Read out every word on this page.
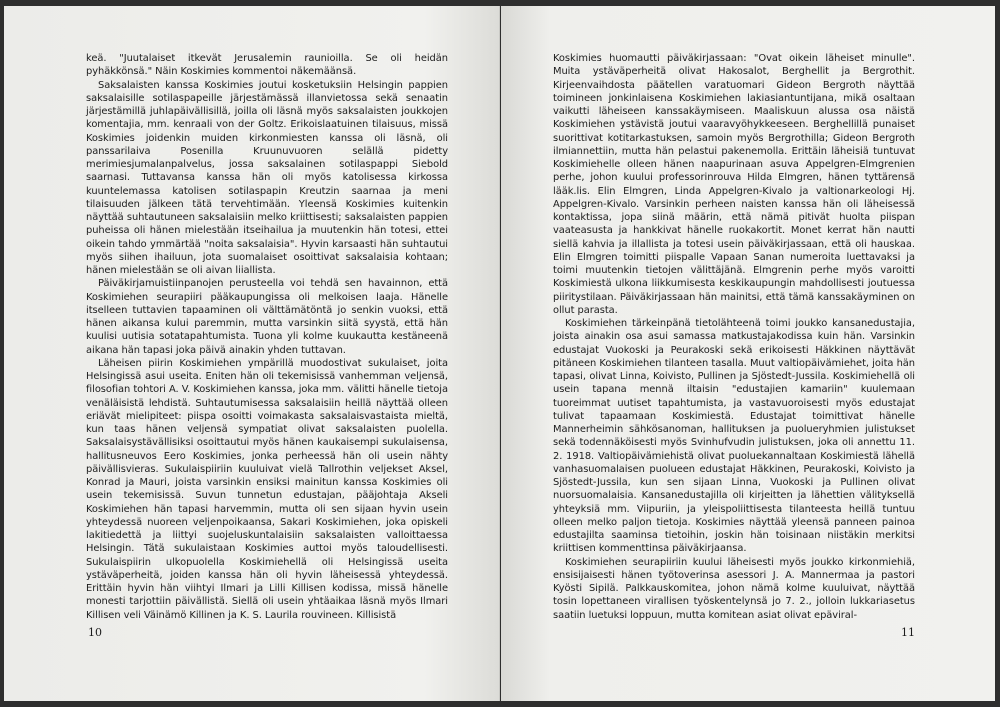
keä. "Juutalaiset itkevät Jerusalemin raunioilla. Se oli heidän pyhäkkönsä." Näin Koskimies kommentoi näkemäänsä.

Saksalaisten kanssa Koskimies joutui kosketuksiin Helsingin pappien saksalaisille sotilaspapeille järjestämässä illanvietossa sekä senaatin järjestämillä juhlapäivällisillä, joilla oli läsnä myös saksalaisten joukkojen komentajia, mm. kenraali von der Goltz. Erikoislaatuinen tilaisuus, missä Koskimies joidenkin muiden kirkonmiesten kanssa oli läsnä, oli panssarilaiva Posenilla Kruunuvuoren selällä pidetty merimiesjumalanpalvelus, jossa saksalainen sotilaspappi Siebold saarnasi. Tuttavansa kanssa hän oli myös katolisessa kirkossa kuuntelemassa katolisen sotilaspapin Kreutzin saarnaa ja meni tilaisuuden jälkeen tätä tervehtimään. Yleensä Koskimies kuitenkin näyttää suhtautuneen saksalaisiin melko kriittisesti; saksalaisten pappien puheissa oli hänen mielestään itseihailua ja muutenkin hän totesi, ettei oikein tahdo ymmärtää "noita saksalaisia". Hyvin karsaasti hän suhtautui myös siihen ihailuun, jota suomalaiset osoittivat saksalaisia kohtaan; hänen mielestään se oli aivan liiallista.

Päiväkirjamuistiinpanojen perusteella voi tehdä sen havainnon, että Koskimiehen seurapiiri pääkaupungissa oli melkoisen laaja. Hänelle itselleen tuttavien tapaaminen oli välttämätöntä jo senkin vuoksi, että hänen aikansa kului paremmin, mutta varsinkin siitä syystä, että hän kuulisi uutisia sotatapahtumista. Tuona yli kolme kuukautta kestäneenä aikana hän tapasi joka päivä ainakin yhden tuttavan.

Läheisen piirin Koskimiehen ympärillä muodostivat sukulaiset, joita Helsingissä asui useita. Eniten hän oli tekemisissä vanhemman veljensä, filosofian tohtori A. V. Koskimiehen kanssa, joka mm. välitti hänelle tietoja venäläisistä lehdistä. Suhtautumisessa saksalaisiin heillä näyttää olleen eriävät mielipiteet: piispa osoitti voimakasta saksalaisvastaista mieltä, kun taas hänen veljensä sympatiat olivat saksalaisten puolella. Saksalaisystävällisiksi osoittautui myös hänen kaukaisempi sukulaisensa, hallitusneuvos Eero Koskimies, jonka perheessä hän oli usein nähty päivällisvieras. Sukulaispiiriin kuuluivat vielä Tallrothin veljekset Aksel, Konrad ja Mauri, joista varsinkin ensiksi mainitun kanssa Koskimies oli usein tekemisissä. Suvun tunnetun edustajan, pääjohtaja Akseli Koskimiehen hän tapasi harvemmin, mutta oli sen sijaan hyvin usein yhteydessä nuoreen veljenpoikaansa, Sakari Koskimiehen, joka opiskeli lakitiedettä ja liittyi suojeluskuntalaisiin saksalaisten valloittaessa Helsingin. Tätä sukulaistaan Koskimies auttoi myös taloudellisesti. Sukulaispiirin ulkopuolella Koskimiehellä oli Helsingissä useita ystäväperheitä, joiden kanssa hän oli hyvin läheisessä yhteydessä. Erittäin hyvin hän viihtyi Ilmari ja Lilli Killisen kodissa, missä hänelle monesti tarjottiin päivällistä. Siellä oli usein yhtäaikaa läsnä myös Ilmari Killisen veli Väinämö Killinen ja K. S. Laurila rouvineen. Killisistä

10

Koskimies huomautti päiväkirjassaan: "Ovat oikein läheiset minulle". Muita ystäväperheitä olivat Hakosalot, Berghellit ja Bergrothit. Kirjeenvaihdosta päätellen varatuomari Gideon Bergroth näyttää toimineen jonkinlaisena Koskimiehen lakiasiantuntijana, mikä osaltaan vaikutti läheiseen kanssakäymiseen. Maaliskuun alussa osa näistä Koskimiehen ystävistä joutui vaaravyöhykkeeseen. Berghellillä punaiset suorittivat kotitarkastuksen, samoin myös Bergrothilla; Gideon Bergroth ilmiannettiin, mutta hän pelastui pakenemolla. Erittäin läheisiä tuntuvat Koskimiehelle olleen hänen naapurinaan asuva Appelgren-Elmgrenien perhe, johon kuului professorinrouva Hilda Elmgren, hänen tyttärensä lääk.lis. Elin Elmgren, Linda Appelgren-Kivalo ja valtionarkeologi Hj. Appelgren-Kivalo. Varsinkin perheen naisten kanssa hän oli läheisessä kontaktissa, jopa siinä määrin, että nämä pitivät huolta piispan vaateasusta ja hankkivat hänelle ruokakortit. Monet kerrat hän nautti siellä kahvia ja illallista ja totesi usein päiväkirjassaan, että oli hauskaa. Elin Elmgren toimitti piispalle Vapaan Sanan numeroita luettavaksi ja toimi muutenkin tietojen välittäjänä. Elmgrenin perhe myös varoitti Koskimiestä ulkona liikkumisesta keskikaupungin mahdollisesti joutuessa piiritystilaan. Päiväkirjassaan hän mainitsi, että tämä kanssakäyminen on ollut parasta.

Koskimiehen tärkeinpänä tietolähteenä toimi joukko kansanedustajia, joista ainakin osa asui samassa matkustajakodissa kuin hän. Varsinkin edustajat Vuokoski ja Peurakoski sekä erikoisesti Häkkinen näyttävät pitäneen Koskimiehen tilanteen tasalla. Muut valtiopäivämiehet, joita hän tapasi, olivat Linna, Koivisto, Pullinen ja Sjöstedt-Jussila. Koskimiehellä oli usein tapana mennä iltaisin "edustajien kamariin" kuulemaan tuoreimmat uutiset tapahtumista, ja vastavuoroisesti myös edustajat tulivat tapaamaan Koskimiestä. Edustajat toimittivat hänelle Mannerheimin sähkösanoman, hallituksen ja puolueryhmien julistukset sekä todennäköisesti myös Svinhufvudin julistuksen, joka oli annettu 11. 2. 1918. Valtiopäivämiehistä olivat puoluekannaltaan Koskimiestä lähellä vanhasuomalaisen puolueen edustajat Häkkinen, Peurakoski, Koivisto ja Sjöstedt-Jussila, kun sen sijaan Linna, Vuokoski ja Pullinen olivat nuorsuomalaisia. Kansanedustajilla oli kirjeitten ja lähettien välityksellä yhteyksiä mm. Viipuriin, ja yleispoliittisesta tilanteesta heillä tuntuu olleen melko paljon tietoja. Koskimies näyttää yleensä panneen painoa edustajilta saaminsa tietoihin, joskin hän toisinaan niistäkin merkitsi kriittisen kommenttinsa päiväkirjaansa.

Koskimiehen seurapiiriin kuului läheisesti myös joukko kirkonmiehiä, ensisijaisesti hänen työtoverinsa asessori J. A. Mannermaa ja pastori Kyösti Sipilä. Palkkauskomitea, johon nämä kolme kuuluivat, näyttää tosin lopettaneen virallisen työskentelynsä jo 7. 2., jolloin lukkariasetus saatiin luetuksi loppuun, mutta komitean asiat olivat epäviral-

11
